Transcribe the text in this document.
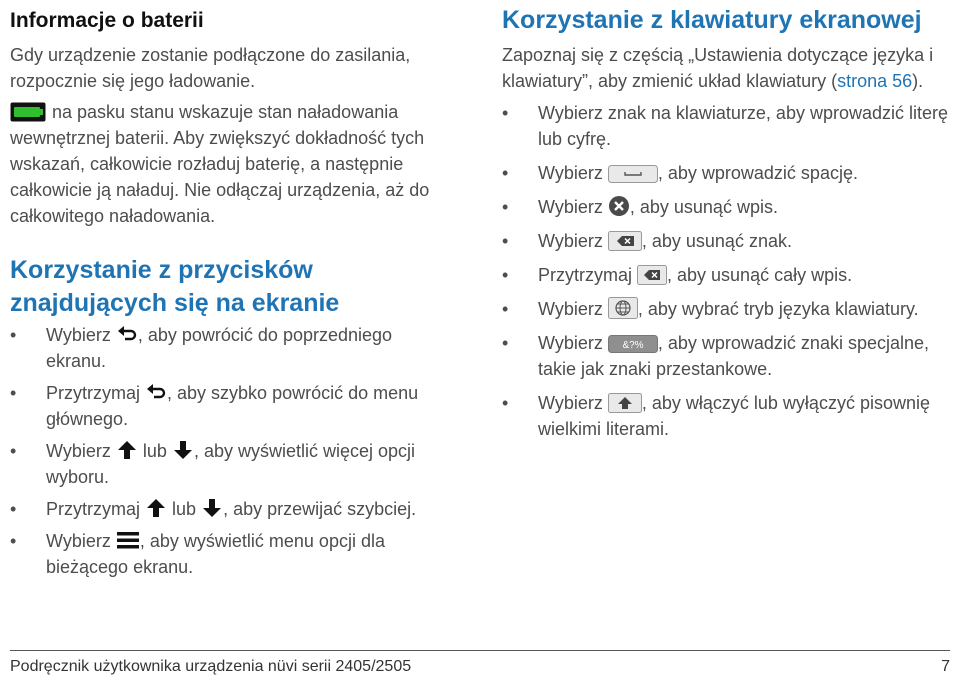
Informacje o baterii

Gdy urządzenie zostanie podłączone do zasilania, rozpocznie się jego ładowanie.

na pasku stanu wskazuje stan naładowania wewnętrznej baterii. Aby zwiększyć dokładność tych wskazań, całkowicie rozładuj baterię, a następnie całkowicie ją naładuj. Nie odłączaj urządzenia, aż do całkowitego naładowania.

Korzystanie z przycisków znajdujących się na ekranie
• Wybierz , aby powrócić do poprzedniego ekranu.
• Przytrzymaj , aby szybko powrócić do menu głównego.
• Wybierz lub , aby wyświetlić więcej opcji wyboru.
• Przytrzymaj lub , aby przewijać szybciej.
• Wybierz , aby wyświetlić menu opcji dla bieżącego ekranu.
Korzystanie z klawiatury ekranowej

Zapoznaj się z częścią „Ustawienia dotyczące języka i klawiatury”, aby zmienić układ klawiatury (strona 56).

• Wybierz znak na klawiaturze, aby wprowadzić literę lub cyfrę.
• Wybierz	, aby wprowadzić spację.
• Wybierz , aby usunąć wpis.
• Wybierz , aby usunąć znak.
• Przytrzymaj , aby usunąć cały wpis.
• Wybierz , aby wybrać tryb języka klawiatury.
• Wybierz &?% , aby wprowadzić znaki specjalne, takie jak znaki przestankowe.
• Wybierz , aby włączyć lub wyłączyć pisownię wielkimi literami.
Podręcznik użytkownika urządzenia nüvi serii 2405/2505	7
